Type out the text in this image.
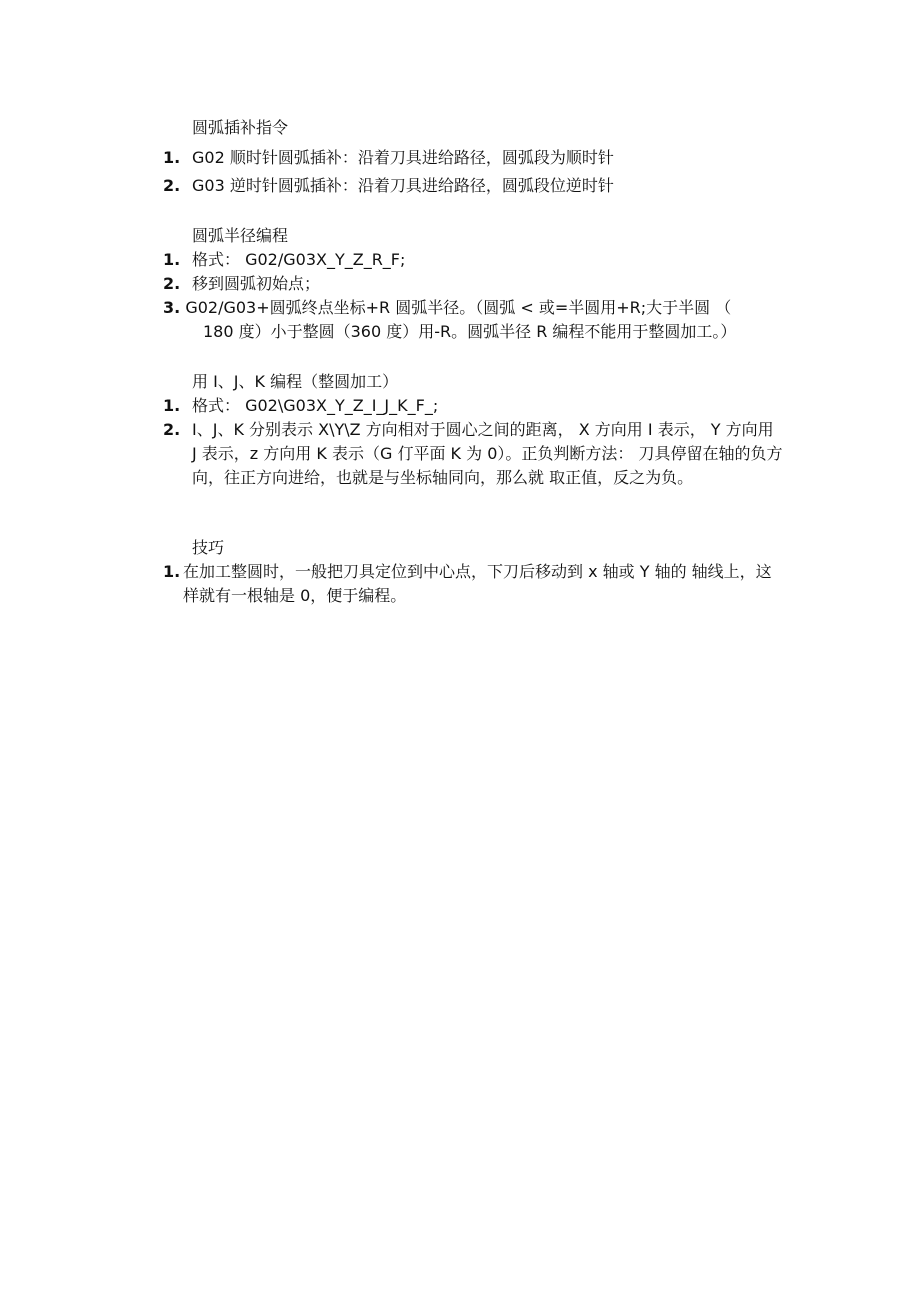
圆弧插补指令
1. G02 顺时针圆弧插补：沿着刀具进给路径，圆弧段为顺时针
2. G03 逆时针圆弧插补：沿着刀具进给路径，圆弧段位逆时针
圆弧半径编程
1. 格式： G02/G03X_Y_Z_R_F;
2. 移到圆弧初始点；
3. G02/G03+圆弧终点坐标+R 圆弧半径。（圆弧 < 或=半圆用+R;大于半圆 （
180 度）小于整圆（360 度）用-R。圆弧半径 R 编程不能用于整圆加工。）
用 I、J、K 编程（整圆加工）
1. 格式： G02\G03X_Y_Z_I_J_K_F_;
2. I、J、K 分别表示 X\Y\Z 方向相对于圆心之间的距离， X 方向用 I 表示， Y 方向用 J 表示，z 方向用 K 表示（G 仃平面 K 为 0）。正负判断方法： 刀具停留在轴的负方向，往正方向进给，也就是与坐标轴同向，那么就 取正值，反之为负。
技巧
1. 在加工整圆时，一般把刀具定位到中心点，下刀后移动到 x 轴或 Y 轴的 轴线上，这样就有一根轴是 0，便于编程。
